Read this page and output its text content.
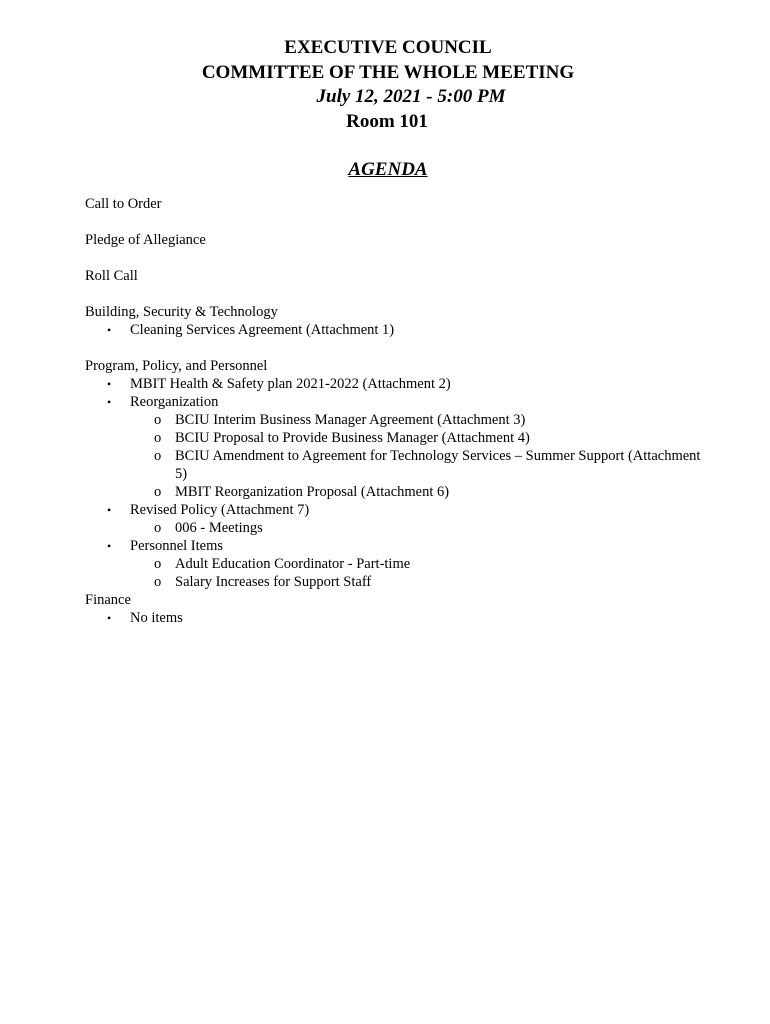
EXECUTIVE COUNCIL
COMMITTEE OF THE WHOLE MEETING
July 12, 2021 - 5:00 PM
Room 101
AGENDA

Call to Order

Pledge of Allegiance

Roll Call

Building, Security & Technology

• Cleaning Services Agreement (Attachment 1)

Program, Policy, and Personnel

• MBIT Health & Safety plan 2021-2022 (Attachment 2)
• Reorganization
o BCIU Interim Business Manager Agreement (Attachment 3)
o BCIU Proposal to Provide Business Manager (Attachment 4)
o BCIU Amendment to Agreement for Technology Services – Summer Support (Attachment 5)
o MBIT Reorganization Proposal (Attachment 6)
• Revised Policy (Attachment 7)
o 006 - Meetings
• Personnel Items
o Adult Education Coordinator - Part-time
o Salary Increases for Support Staff

Finance

• No items
